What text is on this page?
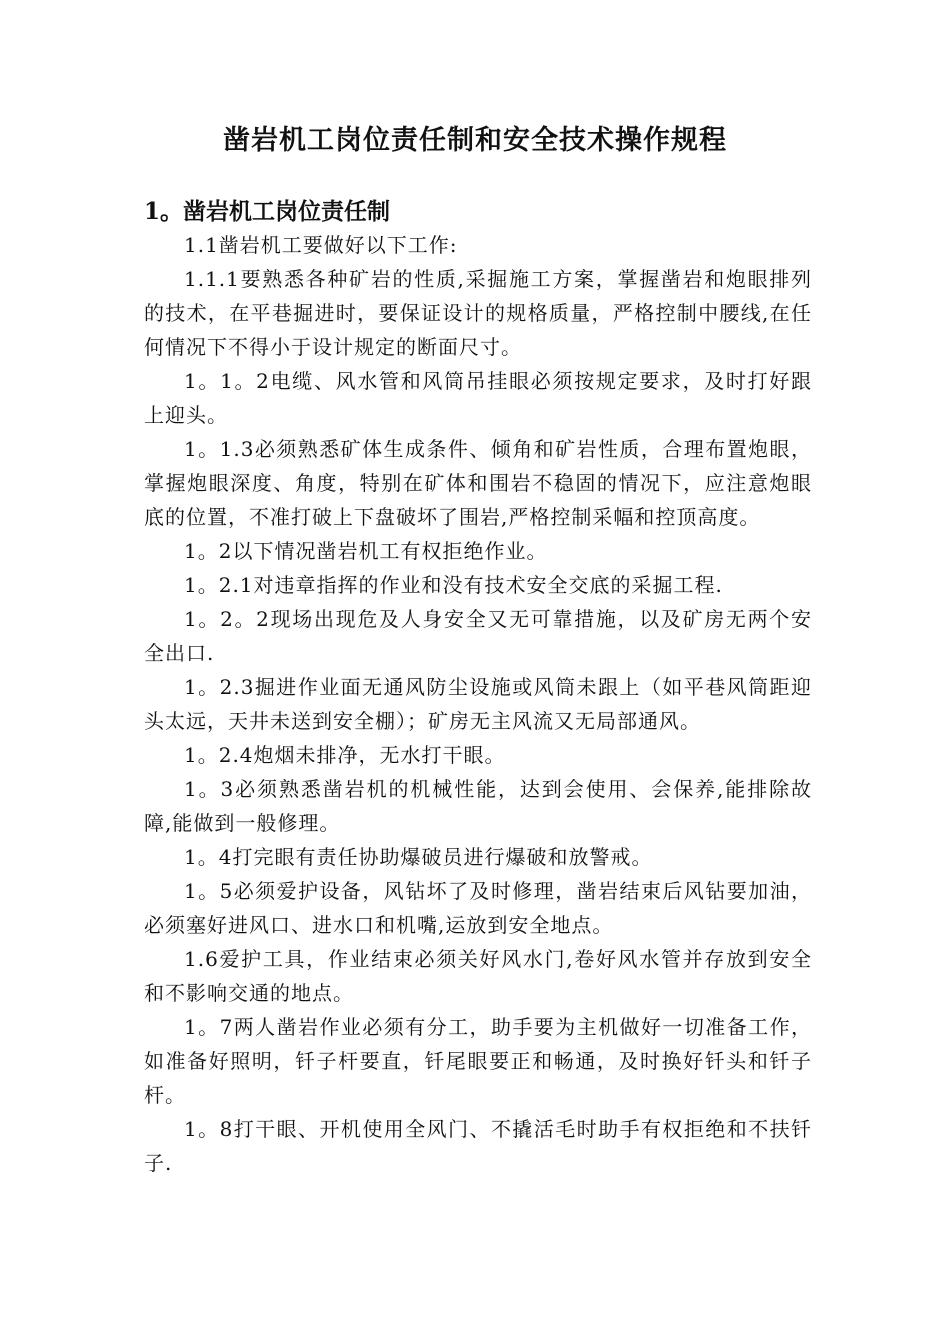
凿岩机工岗位责任制和安全技术操作规程
1。凿岩机工岗位责任制

1.1凿岩机工要做好以下工作:

1.1.1要熟悉各种矿岩的性质,采掘施工方案，掌握凿岩和炮眼排列的技术，在平巷掘进时，要保证设计的规格质量，严格控制中腰线,在任何情况下不得小于设计规定的断面尺寸。

1。1。2电缆、风水管和风筒吊挂眼必须按规定要求，及时打好跟上迎头。

1。1.3必须熟悉矿体生成条件、倾角和矿岩性质，合理布置炮眼，掌握炮眼深度、角度，特别在矿体和围岩不稳固的情况下，应注意炮眼底的位置，不准打破上下盘破坏了围岩,严格控制采幅和控顶高度。

1。2以下情况凿岩机工有权拒绝作业。

1。2.1对违章指挥的作业和没有技术安全交底的采掘工程.

1。2。2现场出现危及人身安全又无可靠措施，以及矿房无两个安全出口.

1。2.3掘进作业面无通风防尘设施或风筒未跟上（如平巷风筒距迎头太远，天井未送到安全棚）；矿房无主风流又无局部通风。

1。2.4炮烟未排净，无水打干眼。

1。3必须熟悉凿岩机的机械性能，达到会使用、会保养,能排除故障,能做到一般修理。

1。4打完眼有责任协助爆破员进行爆破和放警戒。

1。5必须爱护设备，风钻坏了及时修理，凿岩结束后风钻要加油，必须塞好进风口、进水口和机嘴,运放到安全地点。

1.6爱护工具，作业结束必须关好风水门,卷好风水管并存放到安全和不影响交通的地点。

1。7两人凿岩作业必须有分工，助手要为主机做好一切准备工作，如准备好照明，钎子杆要直，钎尾眼要正和畅通，及时换好钎头和钎子杆。

1。8打干眼、开机使用全风门、不撬活毛时助手有权拒绝和不扶钎子.
